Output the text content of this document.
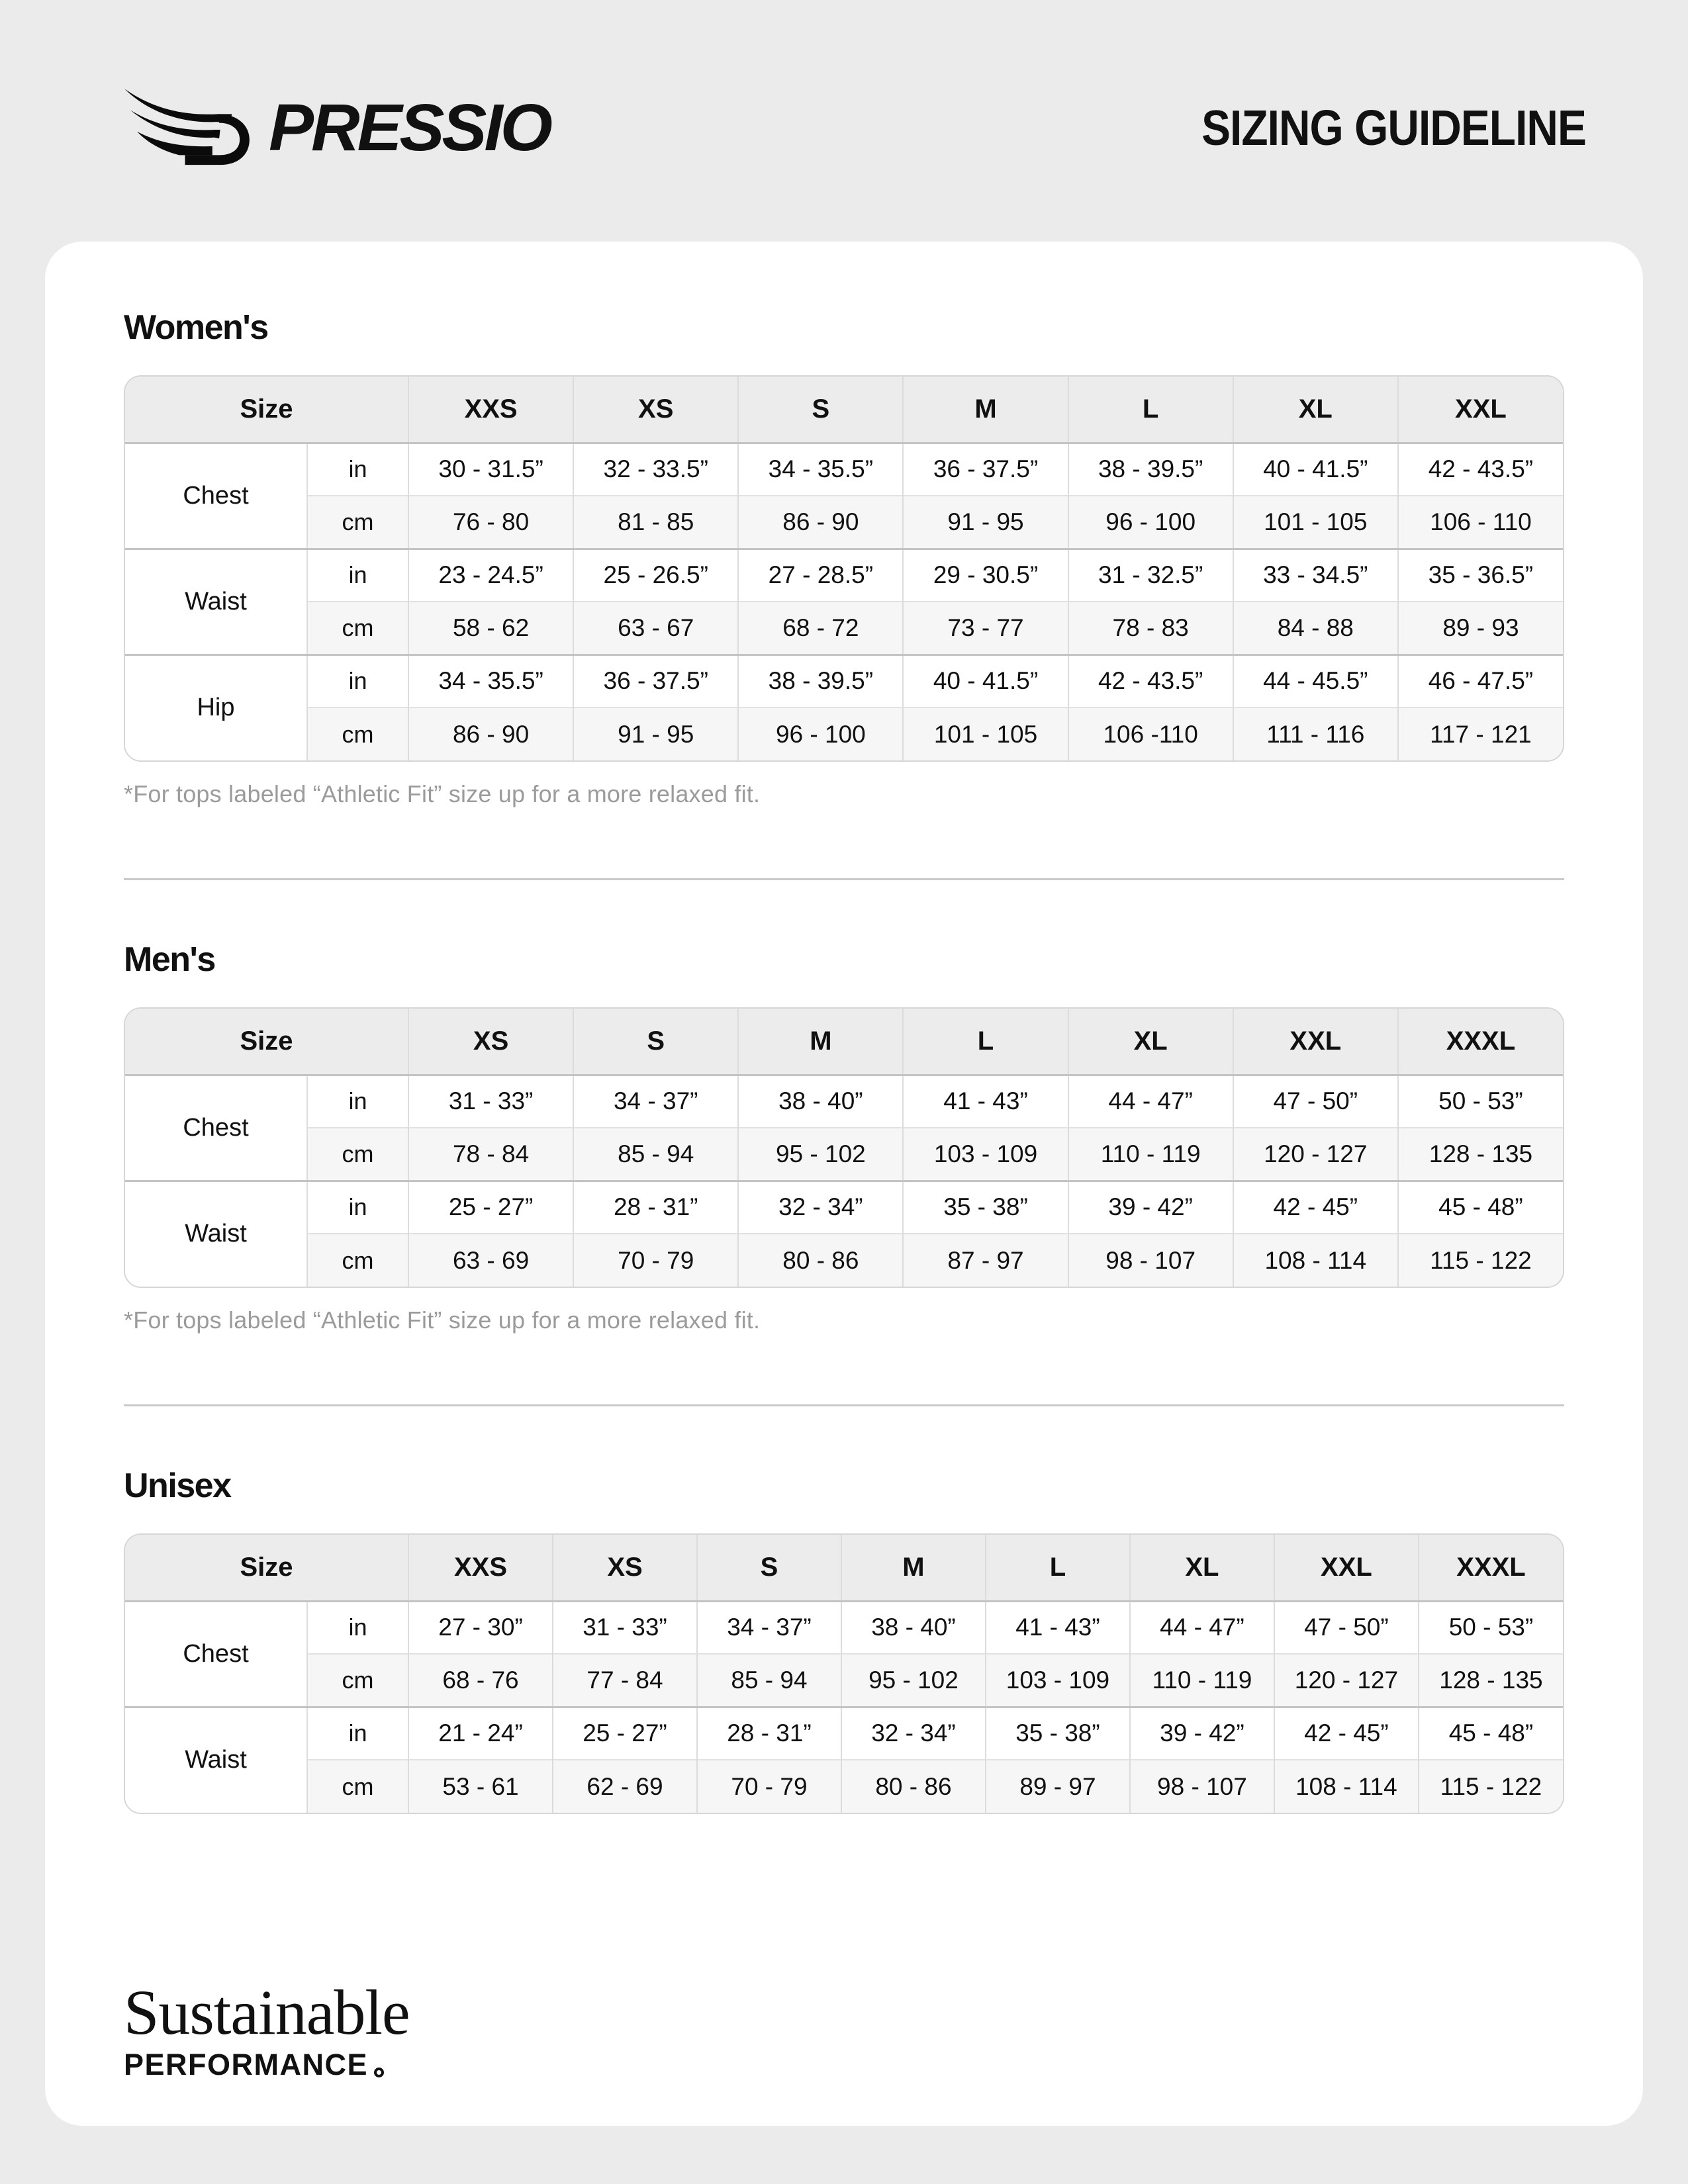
PRESSIO	SIZING GUIDELINE
Women's
Size		XXS	XS	S	M	L	XL	XXL
Chest	in	30 - 31.5”	32 - 33.5”	34 - 35.5”	36 - 37.5”	38 - 39.5”	40 - 41.5”	42 - 43.5”
	cm	76 - 80	81 - 85	86 - 90	91 - 95	96 - 100	101 - 105	106 - 110
Waist	in	23 - 24.5”	25 - 26.5”	27 - 28.5”	29 - 30.5”	31 - 32.5”	33 - 34.5”	35 - 36.5”
	cm	58 - 62	63 - 67	68 - 72	73 - 77	78 - 83	84 - 88	89 - 93
Hip	in	34 - 35.5”	36 - 37.5”	38 - 39.5”	40 - 41.5”	42 - 43.5”	44 - 45.5”	46 - 47.5”
	cm	86 - 90	91 - 95	96 - 100	101 - 105	106 -110	111 - 116	117 - 121
*For tops labeled “Athletic Fit” size up for a more relaxed fit.
Men's
Size		XS	S	M	L	XL	XXL	XXXL
Chest	in	31 - 33”	34 - 37”	38 - 40”	41 - 43”	44 - 47”	47 - 50”	50 - 53”
	cm	78 - 84	85 - 94	95 - 102	103 - 109	110 - 119	120 - 127	128 - 135
Waist	in	25 - 27”	28 - 31”	32 - 34”	35 - 38”	39 - 42”	42 - 45”	45 - 48”
	cm	63 - 69	70 - 79	80 - 86	87 - 97	98 - 107	108 - 114	115 - 122
*For tops labeled “Athletic Fit” size up for a more relaxed fit.
Unisex
Size		XXS	XS	S	M	L	XL	XXL	XXXL
Chest	in	27 - 30”	31 - 33”	34 - 37”	38 - 40”	41 - 43”	44 - 47”	47 - 50”	50 - 53”
	cm	68 - 76	77 - 84	85 - 94	95 - 102	103 - 109	110 - 119	120 - 127	128 - 135
Waist	in	21 - 24”	25 - 27”	28 - 31”	32 - 34”	35 - 38”	39 - 42”	42 - 45”	45 - 48”
	cm	53 - 61	62 - 69	70 - 79	80 - 86	89 - 97	98 - 107	108 - 114	115 - 122
Sustainable
PERFORMANCE
